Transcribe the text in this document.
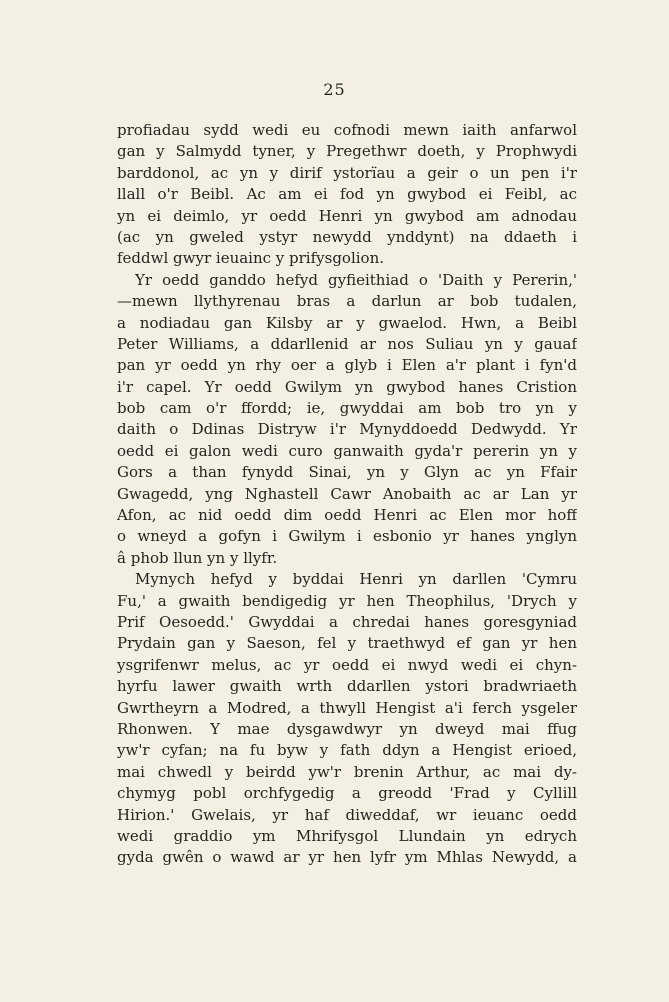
25
profiadau sydd wedi eu cofnodi mewn iaith anfarwol
gan y Salmydd tyner, y Pregethwr doeth, y Prophwydi
barddonol, ac yn y dirif ystorïau a geir o un pen i'r
llall o'r Beibl. Ac am ei fod yn gwybod ei Feibl, ac
yn ei deimlo, yr oedd Henri yn gwybod am adnodau
(ac yn gweled ystyr newydd ynddynt) na ddaeth i
feddwl gwyr ieuainc y prifysgolion.
Yr oedd ganddo hefyd gyfieithiad o 'Daith y Pererin,'
—mewn llythyrenau bras a darlun ar bob tudalen,
a nodiadau gan Kilsby ar y gwaelod. Hwn, a Beibl
Peter Williams, a ddarllenid ar nos Suliau yn y gauaf
pan yr oedd yn rhy oer a glyb i Elen a'r plant i fyn'd
i'r capel. Yr oedd Gwilym yn gwybod hanes Cristion
bob cam o'r ffordd; ie, gwyddai am bob tro yn y
daith o Ddinas Distryw i'r Mynyddoedd Dedwydd. Yr
oedd ei galon wedi curo ganwaith gyda'r pererin yn y
Gors a than fynydd Sinai, yn y Glyn ac yn Ffair
Gwagedd, yng Nghastell Cawr Anobaith ac ar Lan yr
Afon, ac nid oedd dim oedd Henri ac Elen mor hoff
o wneyd a gofyn i Gwilym i esbonio yr hanes ynglyn
â phob llun yn y llyfr.
Mynych hefyd y byddai Henri yn darllen 'Cymru
Fu,' a gwaith bendigedig yr hen Theophilus, 'Drych y
Prif Oesoedd.' Gwyddai a chredai hanes goresgyniad
Prydain gan y Saeson, fel y traethwyd ef gan yr hen
ysgrifenwr melus, ac yr oedd ei nwyd wedi ei chyn-
hyrfu lawer gwaith wrth ddarllen ystori bradwriaeth
Gwrtheyrn a Modred, a thwyll Hengist a'i ferch ysgeler
Rhonwen. Y mae dysgawdwyr yn dweyd mai ffug
yw'r cyfan; na fu byw y fath ddyn a Hengist erioed,
mai chwedl y beirdd yw'r brenin Arthur, ac mai dy-
chymyg pobl orchfygedig a greodd 'Frad y Cyllill
Hirion.' Gwelais, yr haf diweddaf, wr ieuanc oedd
wedi graddio ym Mhrifysgol Llundain yn edrych
gyda gwên o wawd ar yr hen lyfr ym Mhlas Newydd, a
